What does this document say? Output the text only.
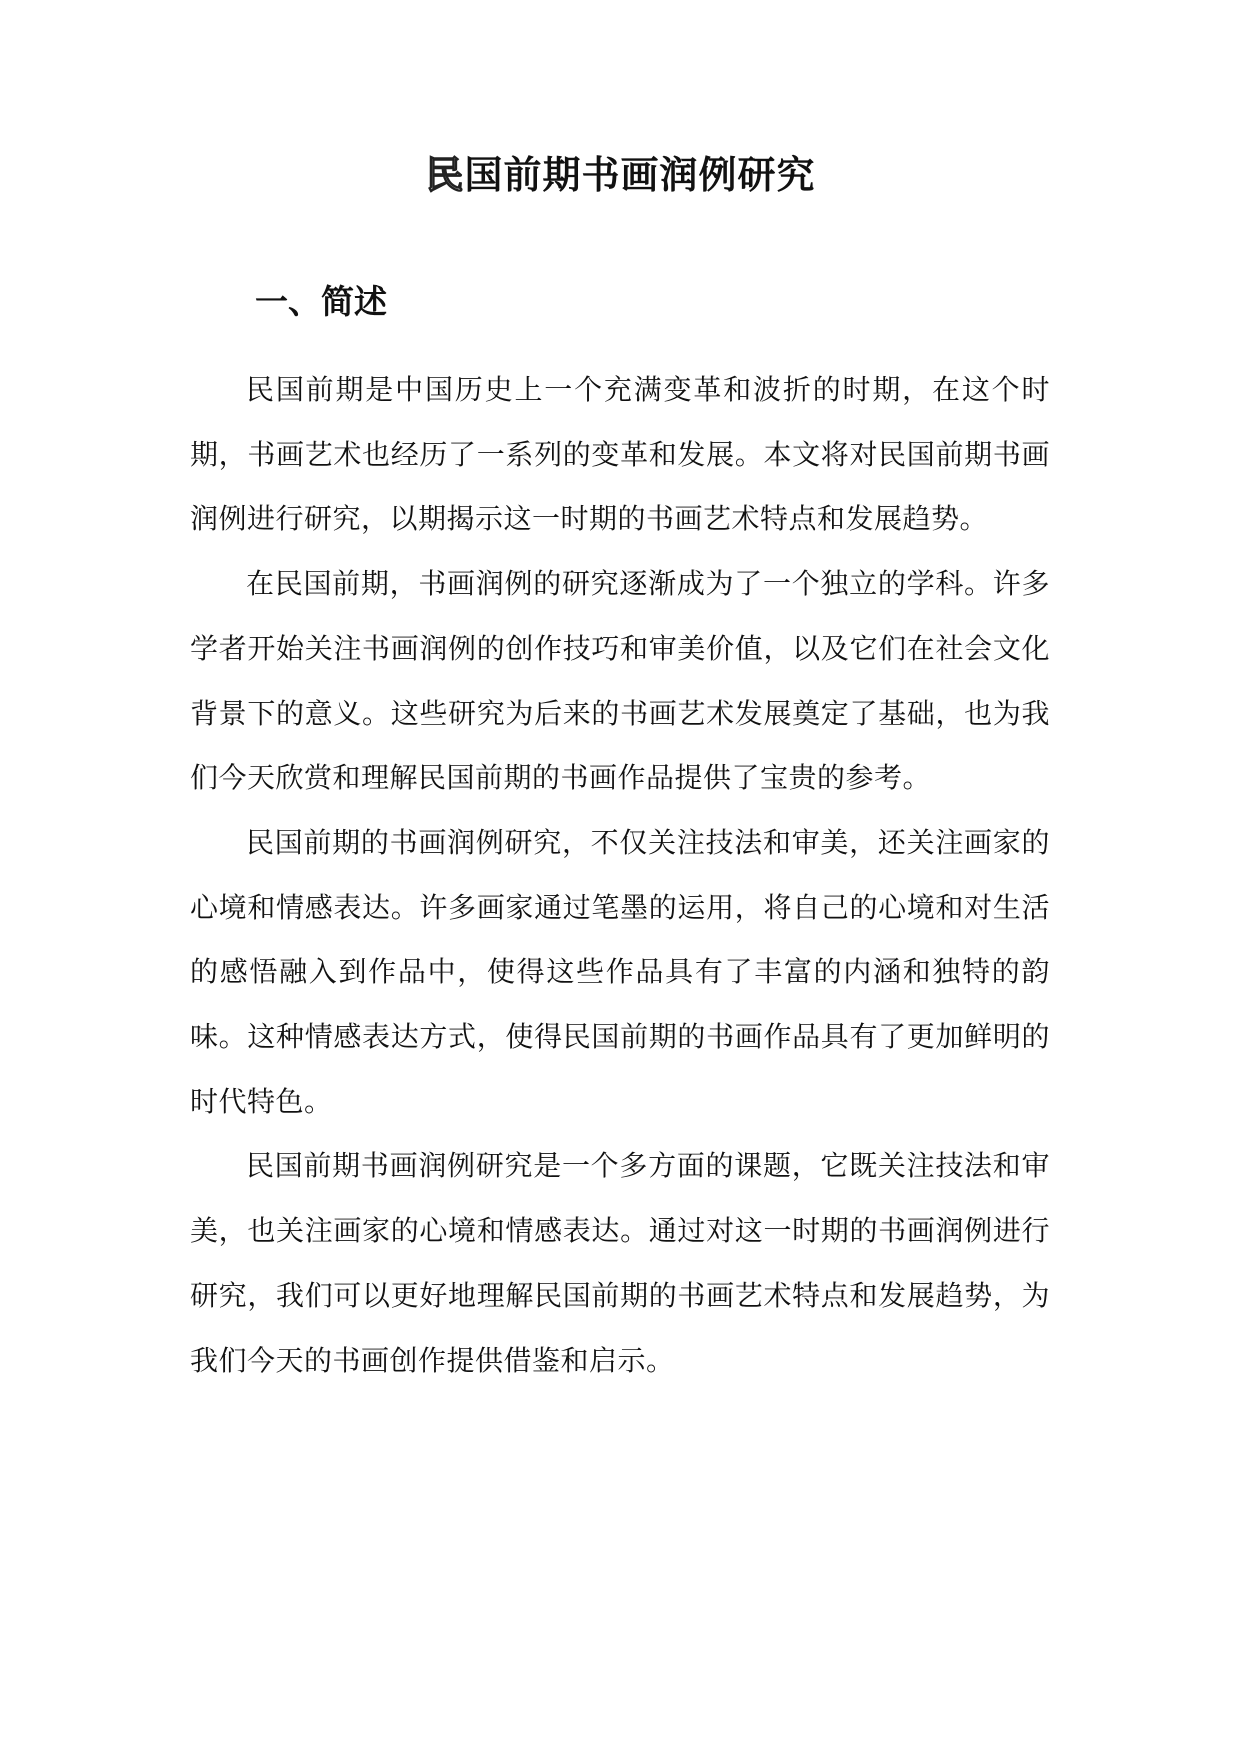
民国前期书画润例研究
一、简述

民国前期是中国历史上一个充满变革和波折的时期，在这个时期，书画艺术也经历了一系列的变革和发展。本文将对民国前期书画润例进行研究，以期揭示这一时期的书画艺术特点和发展趋势。

在民国前期，书画润例的研究逐渐成为了一个独立的学科。许多学者开始关注书画润例的创作技巧和审美价值，以及它们在社会文化背景下的意义。这些研究为后来的书画艺术发展奠定了基础，也为我们今天欣赏和理解民国前期的书画作品提供了宝贵的参考。

民国前期的书画润例研究，不仅关注技法和审美，还关注画家的心境和情感表达。许多画家通过笔墨的运用，将自己的心境和对生活的感悟融入到作品中，使得这些作品具有了丰富的内涵和独特的韵味。这种情感表达方式，使得民国前期的书画作品具有了更加鲜明的时代特色。

民国前期书画润例研究是一个多方面的课题，它既关注技法和审美，也关注画家的心境和情感表达。通过对这一时期的书画润例进行研究，我们可以更好地理解民国前期的书画艺术特点和发展趋势，为我们今天的书画创作提供借鉴和启示。
